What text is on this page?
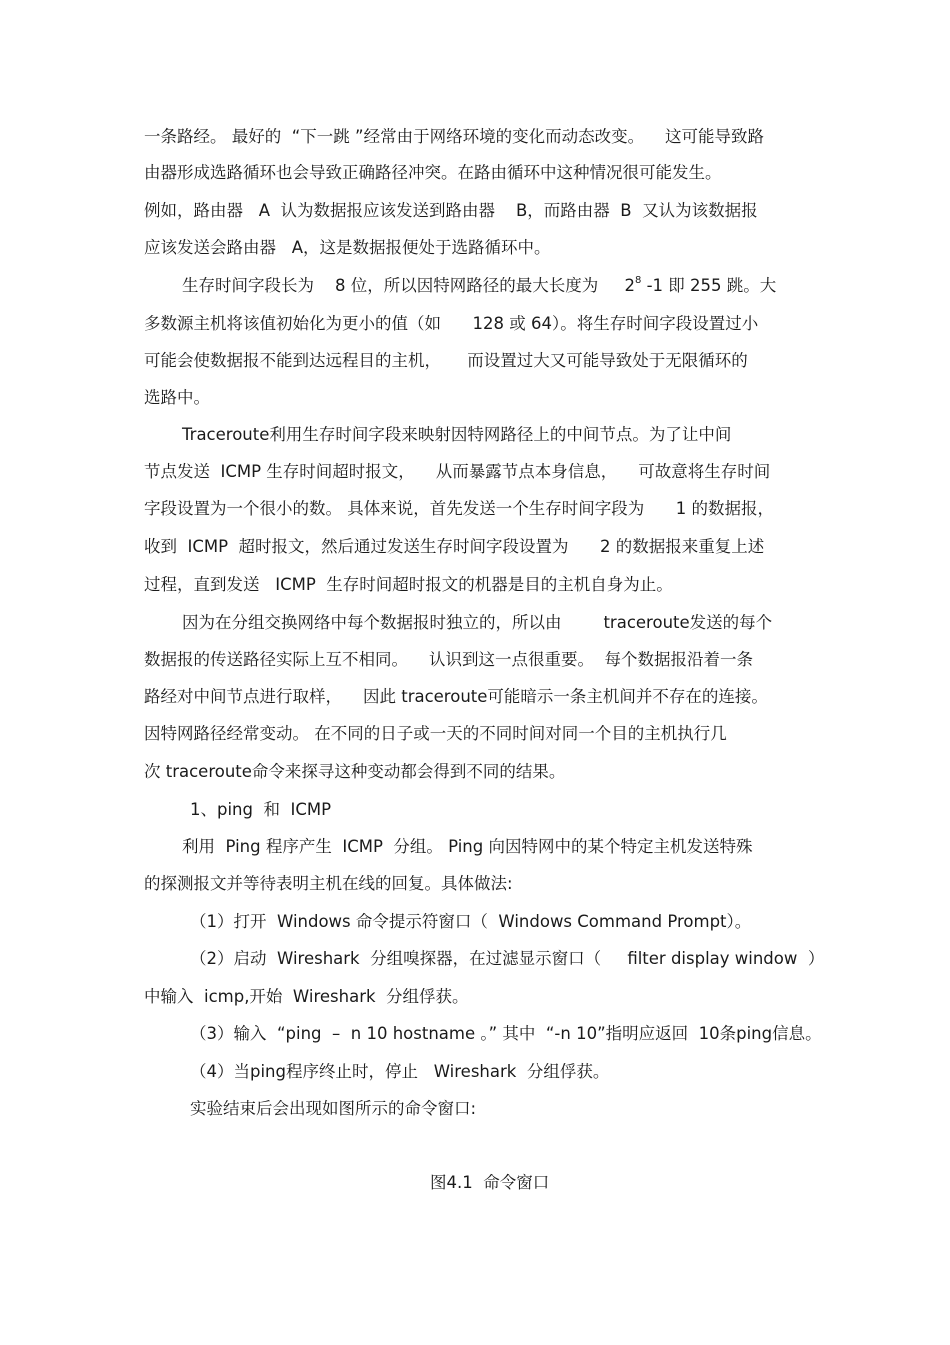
一条路经。 最好的  “下一跳 ”经常由于网络环境的变化而动态改变。    这可能导致路
由器形成选路循环也会导致正确路径冲突。在路由循环中这种情况很可能发生。
例如，路由器   A  认为数据报应该发送到路由器    B，而路由器  B  又认为该数据报
应该发送会路由器   A，这是数据报便处于选路循环中。
生存时间字段长为    8 位，所以因特网路径的最大长度为     $2^8$ -1 即 255 跳。大
多数源主机将该值初始化为更小的值（如      128 或 64）。将生存时间字段设置过小
可能会使数据报不能到达远程目的主机，     而设置过大又可能导致处于无限循环的
选路中。
Traceroute利用生存时间字段来映射因特网路径上的中间节点。为了让中间
节点发送  ICMP 生存时间超时报文，    从而暴露节点本身信息，    可故意将生存时间
字段设置为一个很小的数。 具体来说，首先发送一个生存时间字段为      1 的数据报，
收到  ICMP  超时报文，然后通过发送生存时间字段设置为      2 的数据报来重复上述
过程，直到发送   ICMP  生存时间超时报文的机器是目的主机自身为止。
因为在分组交换网络中每个数据报时独立的，所以由        traceroute发送的每个
数据报的传送路径实际上互不相同。    认识到这一点很重要。  每个数据报沿着一条
路经对中间节点进行取样，    因此 traceroute可能暗示一条主机间并不存在的连接。
因特网路径经常变动。 在不同的日子或一天的不同时间对同一个目的主机执行几
次 traceroute命令来探寻这种变动都会得到不同的结果。
1、ping  和  ICMP
利用  Ping 程序产生  ICMP  分组。 Ping 向因特网中的某个特定主机发送特殊
的探测报文并等待表明主机在线的回复。具体做法:
（1）打开  Windows 命令提示符窗口（  Windows Command Prompt）。
（2）启动  Wireshark  分组嗅探器，在过滤显示窗口（     filter display window  ）
中输入  icmp,开始  Wireshark  分组俘获。
（3）输入  “ping  –  n 10 hostname 。” 其中  “-n 10”指明应返回  10条ping信息。
（4）当ping程序终止时，停止   Wireshark  分组俘获。
实验结束后会出现如图所示的命令窗口:
图4.1  命令窗口
